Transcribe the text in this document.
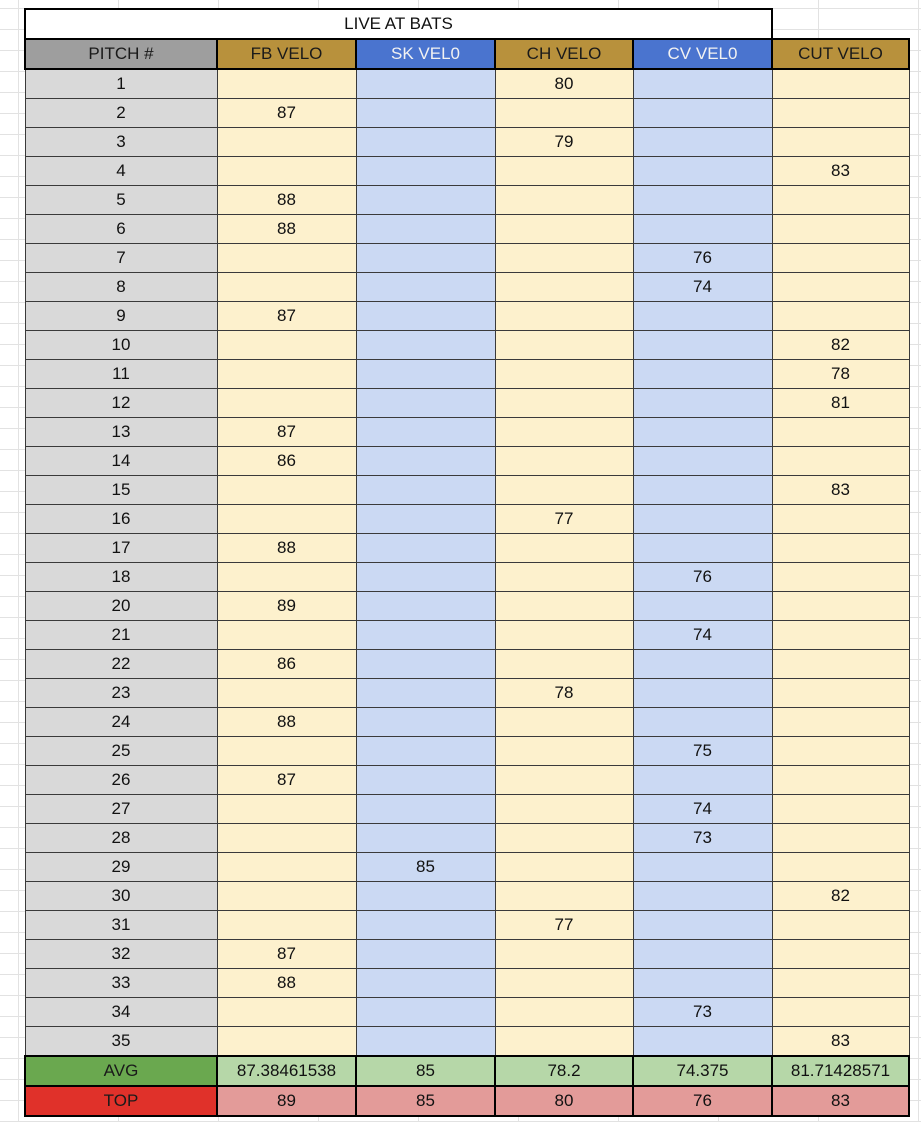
LIVE AT BATS					
PITCH #	FB VELO	SK VEL0	CH VELO	CV VEL0	CUT VELO
1			80		
2	87				
3			79		
4					83
5	88				
6	88				
7				76	
8				74	
9	87				
10					82
11					78
12					81
13	87				
14	86				
15					83
16			77		
17	88				
18				76	
20	89				
21				74	
22	86				
23			78		
24	88				
25				75	
26	87				
27				74	
28				73	
29		85			
30					82
31			77		
32	87				
33	88				
34				73	
35					83
AVG	87.38461538	85	78.2	74.375	81.71428571
TOP	89	85	80	76	83
